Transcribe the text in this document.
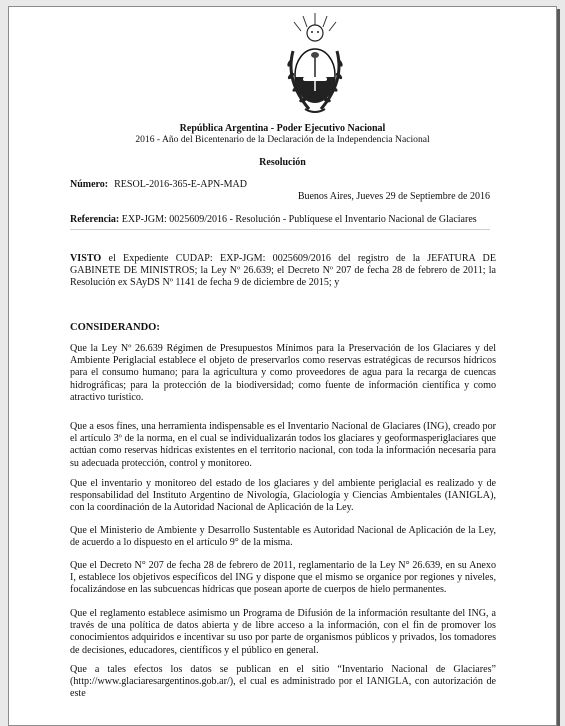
República Argentina - Poder Ejecutivo Nacional
2016 - Año del Bicentenario de la Declaración de la Independencia Nacional
Resolución
Número: RESOL-2016-365-E-APN-MAD
Buenos Aires, Jueves 29 de Septiembre de 2016
Referencia: EXP-JGM: 0025609/2016 - Resolución - Publíquese el Inventario Nacional de Glaciares
VISTO el Expediente CUDAP: EXP-JGM: 0025609/2016 del registro de la JEFATURA DE GABINETE DE MINISTROS; la Ley Nº 26.639; el Decreto Nº 207 de fecha 28 de febrero de 2011; la Resolución ex SAyDS Nº 1141 de fecha 9 de diciembre de 2015; y
CONSIDERANDO:
Que la Ley Nº 26.639 Régimen de Presupuestos Mínimos para la Preservación de los Glaciares y del Ambiente Periglacial establece el objeto de preservarlos como reservas estratégicas de recursos hídricos para el consumo humano; para la agricultura y como proveedores de agua para la recarga de cuencas hidrográficas; para la protección de la biodiversidad; como fuente de información científica y como atractivo turístico.
Que a esos fines, una herramienta indispensable es el Inventario Nacional de Glaciares (ING), creado por el artículo 3º de la norma, en el cual se individualizarán todos los glaciares y geoformasperiglaciares que actúan como reservas hídricas existentes en el territorio nacional, con toda la información necesaria para su adecuada protección, control y monitoreo.
Que el inventario y monitoreo del estado de los glaciares y del ambiente periglacial es realizado y de responsabilidad del Instituto Argentino de Nivología, Glaciología y Ciencias Ambientales (IANIGLA), con la coordinación de la Autoridad Nacional de Aplicación de la Ley.
Que el Ministerio de Ambiente y Desarrollo Sustentable es Autoridad Nacional de Aplicación de la Ley, de acuerdo a lo dispuesto en el artículo 9° de la misma.
Que el Decreto N° 207 de fecha 28 de febrero de 2011, reglamentario de la Ley N° 26.639, en su Anexo I, establece los objetivos específicos del ING y dispone que el mismo se organice por regiones y niveles, focalizándose en las subcuencas hídricas que posean aporte de cuerpos de hielo permanentes.
Que el reglamento establece asimismo un Programa de Difusión de la información resultante del ING, a través de una política de datos abierta y de libre acceso a la información, con el fin de promover los conocimientos adquiridos e incentivar su uso por parte de organismos públicos y privados, los tomadores de decisiones, educadores, científicos y el público en general.
Que a tales efectos los datos se publican en el sitio “Inventario Nacional de Glaciares” (http://www.glaciaresargentinos.gob.ar/), el cual es administrado por el IANIGLA, con autorización de este
